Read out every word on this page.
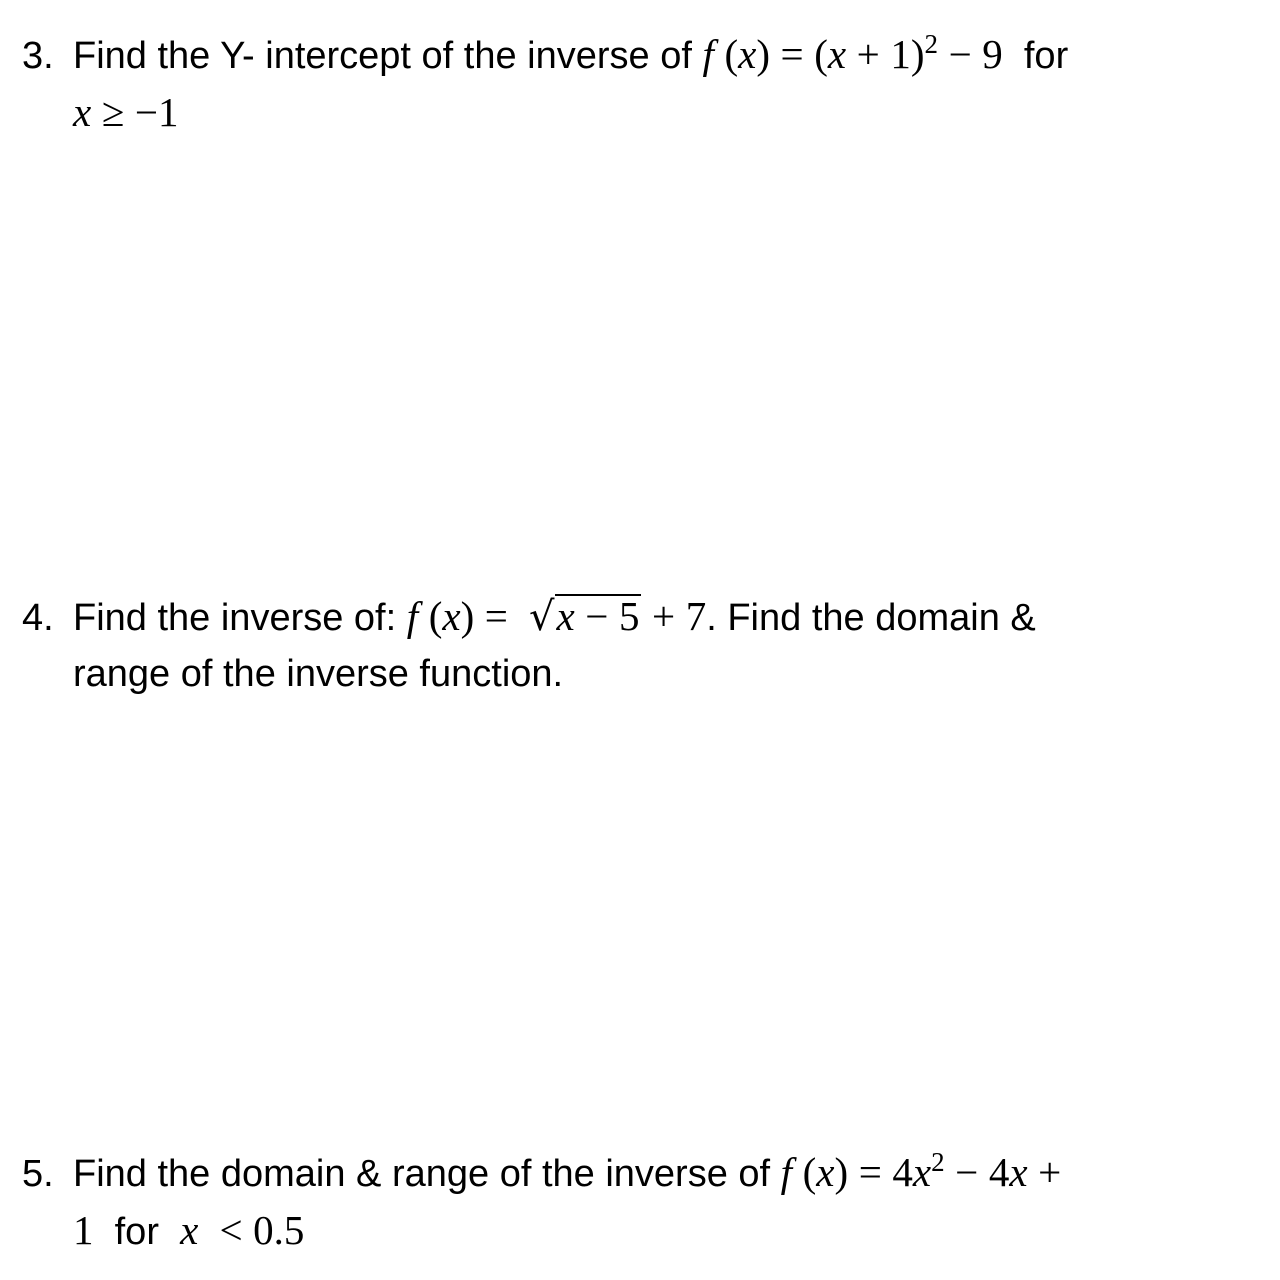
3. Find the Y- intercept of the inverse of f $(x) = (x + 1)^2 - 9$ for
x ≥ −1
4. Find the inverse of: f (x) = √x − 5 + 7. Find the domain &
range of the inverse function.
5. Find the domain & range of the inverse of f $(x) = 4x^2 - 4x$ +
1 for x < 0.5
